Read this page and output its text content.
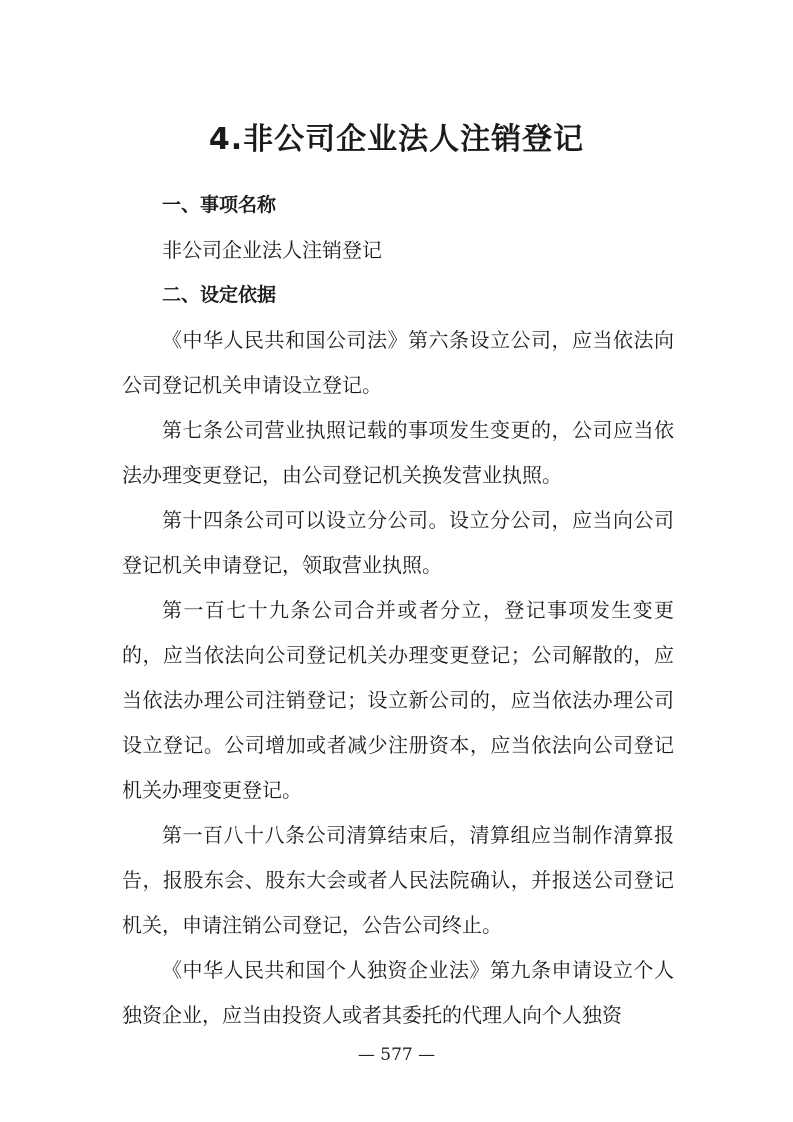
4.非公司企业法人注销登记

一、事项名称

非公司企业法人注销登记

二、设定依据

《中华人民共和国公司法》第六条设立公司，应当依法向公司登记机关申请设立登记。

第七条公司营业执照记载的事项发生变更的，公司应当依法办理变更登记，由公司登记机关换发营业执照。

第十四条公司可以设立分公司。设立分公司，应当向公司登记机关申请登记，领取营业执照。

第一百七十九条公司合并或者分立，登记事项发生变更的，应当依法向公司登记机关办理变更登记；公司解散的，应当依法办理公司注销登记；设立新公司的，应当依法办理公司设立登记。公司增加或者减少注册资本，应当依法向公司登记机关办理变更登记。

第一百八十八条公司清算结束后，清算组应当制作清算报告，报股东会、股东大会或者人民法院确认，并报送公司登记机关，申请注销公司登记，公告公司终止。

《中华人民共和国个人独资企业法》第九条申请设立个人独资企业，应当由投资人或者其委托的代理人向个人独资

— 577 —
